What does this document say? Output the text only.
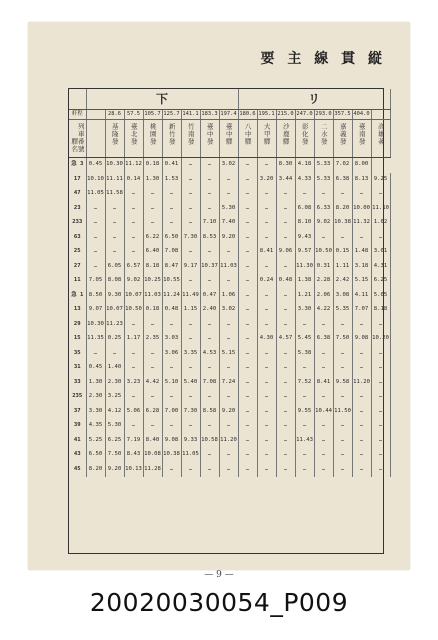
要 主 線 貫 縦
	下								リ							
粁程		28.6	57.5	105.7	125.7	141.1	183.3	197.4	180.6	195.1	215.0	247.0	293.0	357.5	404.0	
驛名列車番號		基隆發	臺北發	桃園發	新竹發	竹南發	臺中發	臺中驛	八中驛	大甲驛	沙鹿驛	彰化發	二水發	嘉義發	臺南發	高雄著
急 3	0.45	10.30	11.12	0.18	0.41	…	…	3.02	…	…	8.30	4.18	5.33	7.02	8.00	
17	10.10	11.11	0.14	1.30	1.53	…	…	…	…	3.20	3.44	4.33	5.33	6.38	8.13	9.25
47	11.05	11.58	…	…	…	…	…	…	…	…	…	…	…	…	…	…
23	…	…	…	…	…	…	…	5.30	…	…	…	6.08	6.33	8.20	10.00	11.10
233	…	…	…	…	…	…	7.10	7.40	…	…	…	8.10	9.02	10.38	11.32	1.02
63	…	…	…	6.22	6.50	7.30	8.53	9.20	…	…	…	9.43	…	…	…	…
25	…	…	…	6.40	7.08	…	…	…	…	8.41	9.06	9.57	10.50	0.15	1.48	3.01
27	…	6.05	6.57	8.18	8.47	9.17	10.37	11.03	…	…	…	11.30	0.31	1.11	3.18	4.31
11	7.05	8.08	9.02	10.25	10.55	…	…	…	…	0.24	0.48	1.38	2.28	2.42	5.15	6.25
急 1	8.50	9.30	10.07	11.03	11.24	11.49	0.47	1.06	…	…	…	1.21	2.06	3.08	4.11	5.05
13	9.07	10.07	10.50	0.18	0.48	1.15	2.40	3.02	…	…	…	3.30	4.22	5.35	7.07	8.18
29	10.30	11.23	…	…	…	…	…	…	…	…	…	…	…	…	…	…
15	11.35	0.25	1.17	2.35	3.03	…	…	…	…	4.30	4.57	5.45	6.38	7.50	9.08	10.20
35	…	…	…	…	3.06	3.35	4.53	5.15	…	…	…	5.38	…	…	…	…
31	0.45	1.40	…	…	…	…	…	…	…	…	…	…	…	…	…	…
33	1.30	2.30	3.23	4.42	5.10	5.40	7.08	7.24	…	…	…	7.52	8.41	9.58	11.20	…
235	2.30	3.25	…	…	…	…	…	…	…	…	…	…	…	…	…	…
37	3.30	4.12	5.06	6.28	7.00	7.30	8.58	9.20	…	…	…	9.55	10.44	11.50	…	…
39	4.35	5.30	…	…	…	…	…	…	…	…	…	…	…	…	…	…
41	5.25	6.25	7.19	8.40	9.08	9.33	10.58	11.20	…	…	…	11.43	…	…	…	…
43	6.50	7.50	8.43	10.08	10.38	11.05	…	…	…	…	…	…	…	…	…	…
45	8.20	9.20	10.13	11.28	…	…	…	…	…	…	…	…	…	…	…	…
— 9 —
20020030054_P009
